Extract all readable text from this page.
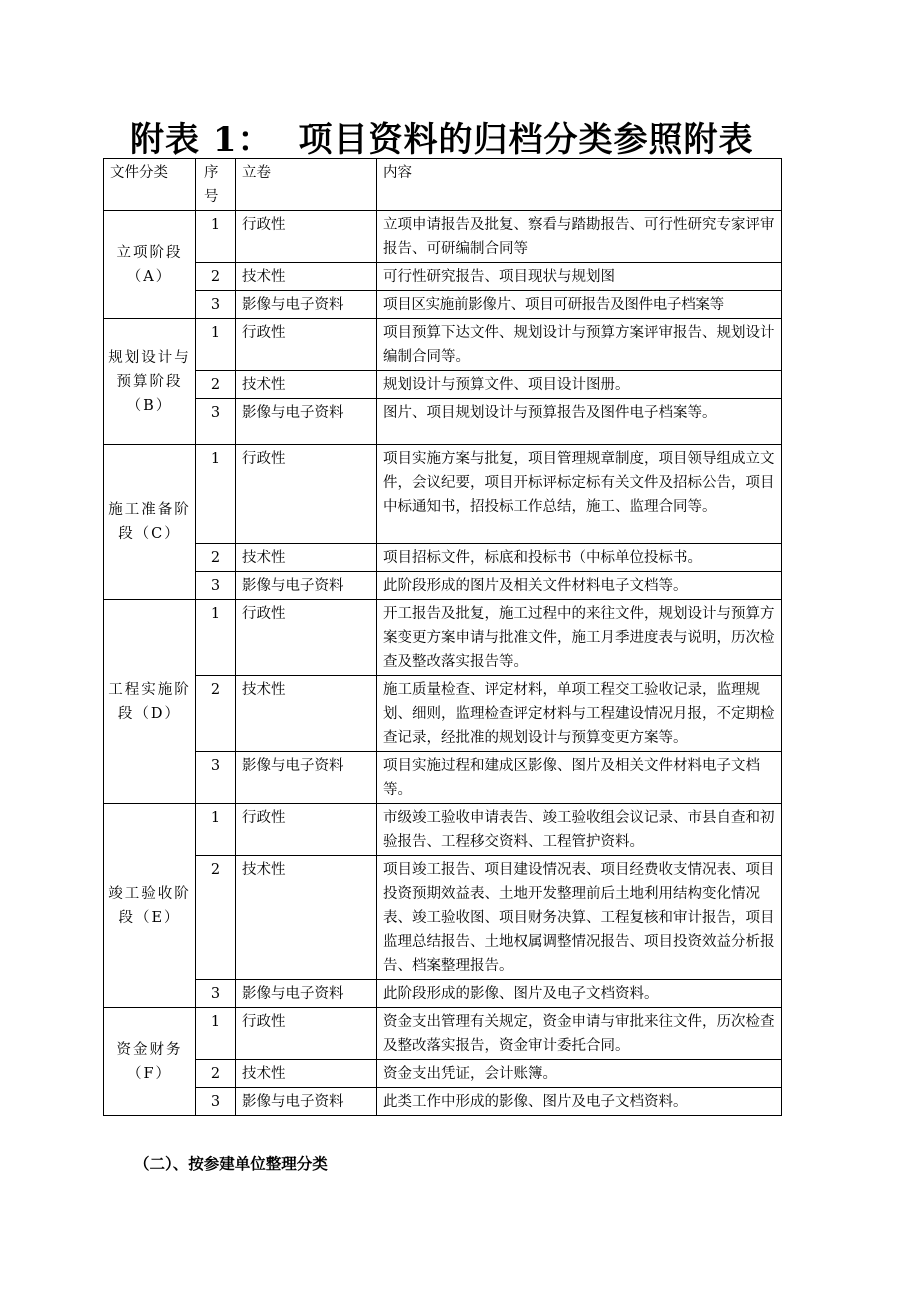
附表 1： 项目资料的归档分类参照附表
文件分类	序号	立卷	内容
立项阶段（A）	1	行政性	立项申请报告及批复、察看与踏勘报告、可行性研究专家评审报告、可研编制合同等
	2	技术性	可行性研究报告、项目现状与规划图
	3	影像与电子资料	项目区实施前影像片、项目可研报告及图件电子档案等
规划设计与预算阶段（B）	1	行政性	项目预算下达文件、规划设计与预算方案评审报告、规划设计编制合同等。
	2	技术性	规划设计与预算文件、项目设计图册。
	3	影像与电子资料	图片、项目规划设计与预算报告及图件电子档案等。
施工准备阶段（C）	1	行政性	项目实施方案与批复，项目管理规章制度，项目领导组成立文件，会议纪要，项目开标评标定标有关文件及招标公告，项目中标通知书，招投标工作总结，施工、监理合同等。
	2	技术性	项目招标文件，标底和投标书（中标单位投标书。
	3	影像与电子资料	此阶段形成的图片及相关文件材料电子文档等。
工程实施阶段（D）	1	行政性	开工报告及批复，施工过程中的来往文件，规划设计与预算方案变更方案申请与批准文件，施工月季进度表与说明，历次检查及整改落实报告等。
	2	技术性	施工质量检查、评定材料，单项工程交工验收记录，监理规划、细则，监理检查评定材料与工程建设情况月报，不定期检查记录，经批准的规划设计与预算变更方案等。
	3	影像与电子资料	项目实施过程和建成区影像、图片及相关文件材料电子文档等。
竣工验收阶段（E）	1	行政性	市级竣工验收申请表告、竣工验收组会议记录、市县自查和初验报告、工程移交资料、工程管护资料。
	2	技术性	项目竣工报告、项目建设情况表、项目经费收支情况表、项目投资预期效益表、土地开发整理前后土地利用结构变化情况表、竣工验收图、项目财务决算、工程复核和审计报告，项目监理总结报告、土地权属调整情况报告、项目投资效益分析报告、档案整理报告。
	3	影像与电子资料	此阶段形成的影像、图片及电子文档资料。
资金财务（F）	1	行政性	资金支出管理有关规定，资金申请与审批来往文件，历次检查及整改落实报告，资金审计委托合同。
	2	技术性	资金支出凭证，会计账簿。
	3	影像与电子资料	此类工作中形成的影像、图片及电子文档资料。
（二）、按参建单位整理分类
